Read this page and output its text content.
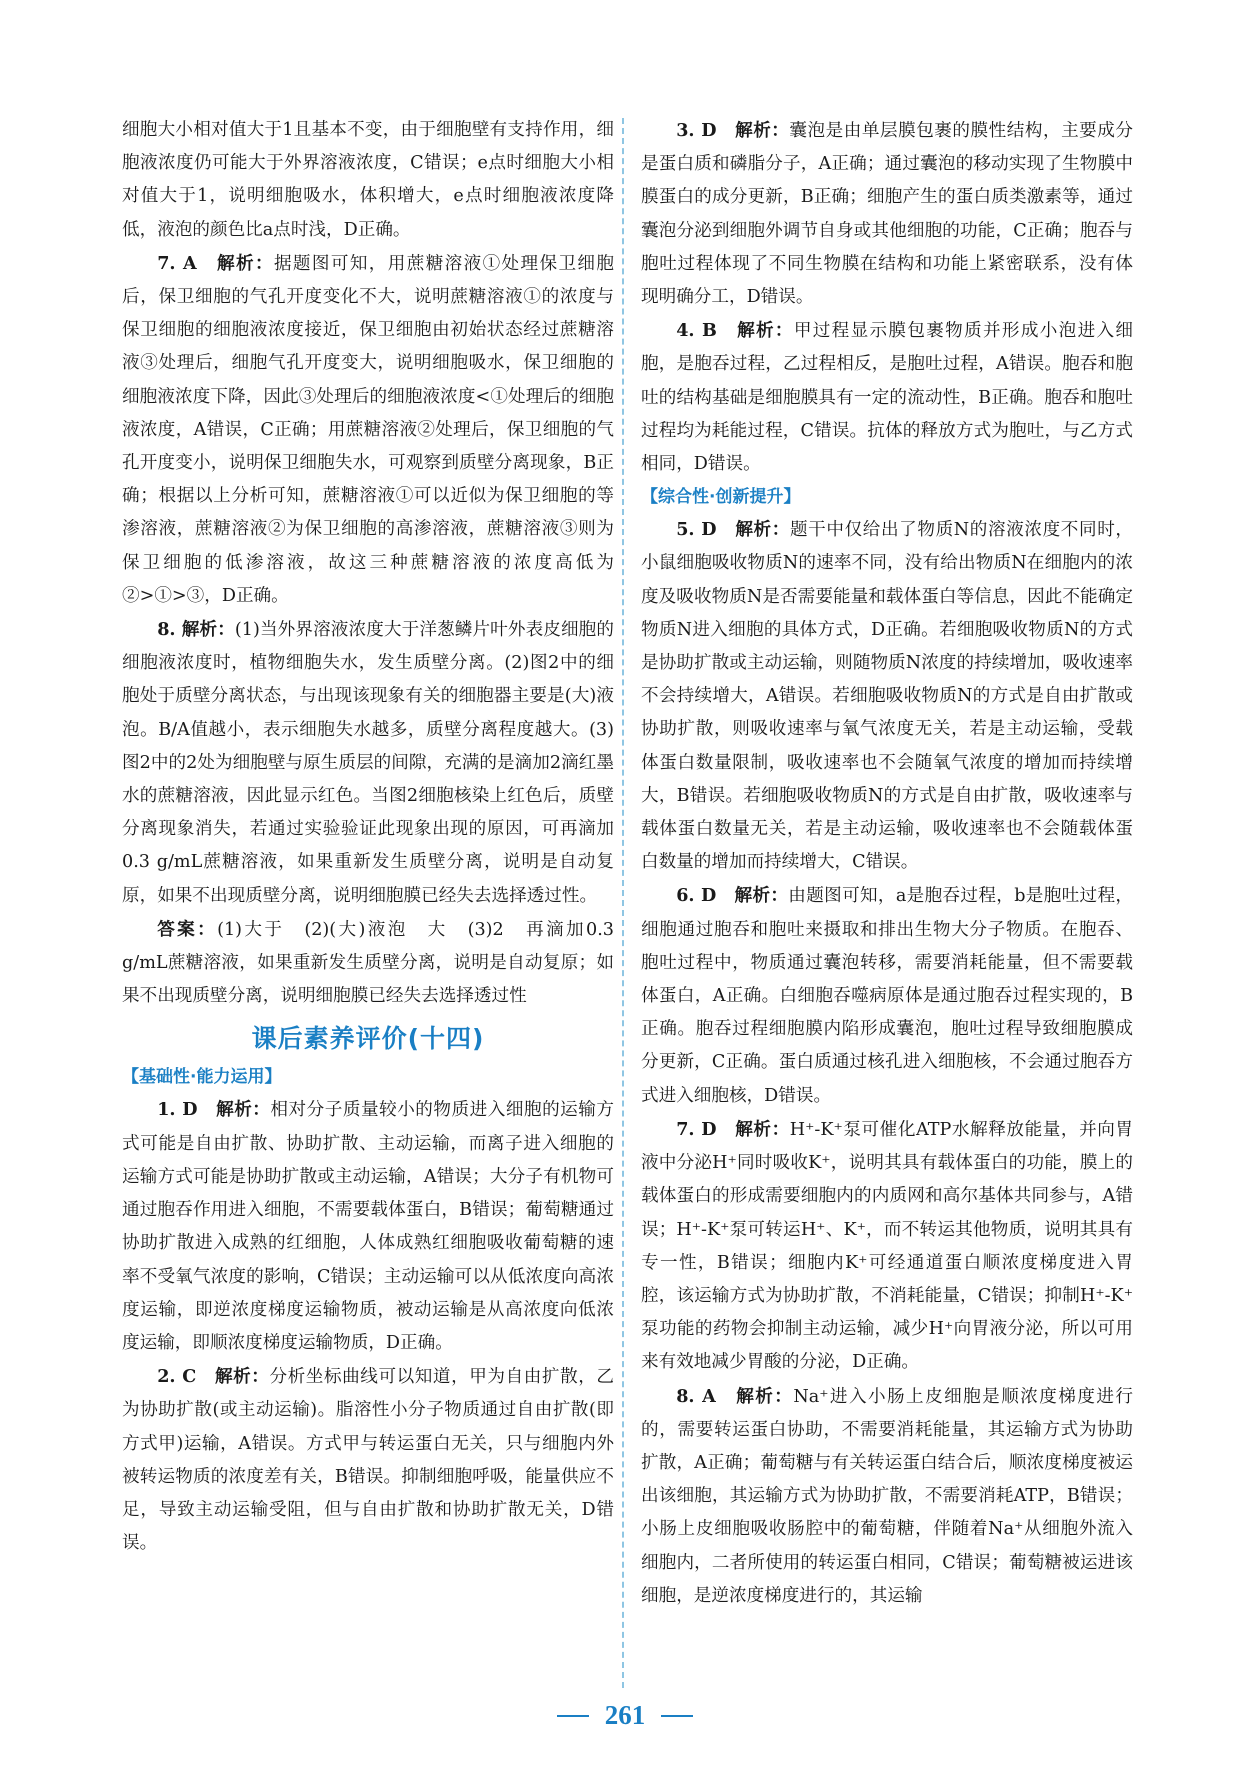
细胞大小相对值大于1且基本不变，由于细胞壁有支持作用，细胞液浓度仍可能大于外界溶液浓度，C错误；e点时细胞大小相对值大于1，说明细胞吸水，体积增大，e点时细胞液浓度降低，液泡的颜色比a点时浅，D正确。

7. A　解析：据题图可知，用蔗糖溶液①处理保卫细胞后，保卫细胞的气孔开度变化不大，说明蔗糖溶液①的浓度与保卫细胞的细胞液浓度接近，保卫细胞由初始状态经过蔗糖溶液③处理后，细胞气孔开度变大，说明细胞吸水，保卫细胞的细胞液浓度下降，因此③处理后的细胞液浓度<①处理后的细胞液浓度，A错误，C正确；用蔗糖溶液②处理后，保卫细胞的气孔开度变小，说明保卫细胞失水，可观察到质壁分离现象，B正确；根据以上分析可知，蔗糖溶液①可以近似为保卫细胞的等渗溶液，蔗糖溶液②为保卫细胞的高渗溶液，蔗糖溶液③则为保卫细胞的低渗溶液，故这三种蔗糖溶液的浓度高低为②>①>③，D正确。

8. 解析：(1)当外界溶液浓度大于洋葱鳞片叶外表皮细胞的细胞液浓度时，植物细胞失水，发生质壁分离。(2)图2中的细胞处于质壁分离状态，与出现该现象有关的细胞器主要是(大)液泡。B/A值越小，表示细胞失水越多，质壁分离程度越大。(3)图2中的2处为细胞壁与原生质层的间隙，充满的是滴加2滴红墨水的蔗糖溶液，因此显示红色。当图2细胞核染上红色后，质壁分离现象消失，若通过实验验证此现象出现的原因，可再滴加0.3 g/mL蔗糖溶液，如果重新发生质壁分离，说明是自动复原，如果不出现质壁分离，说明细胞膜已经失去选择透过性。

答案：(1)大于　(2)(大)液泡　大　(3)2　再滴加0.3 g/mL蔗糖溶液，如果重新发生质壁分离，说明是自动复原；如果不出现质壁分离，说明细胞膜已经失去选择透过性

课后素养评价(十四)
【基础性·能力运用】

1. D　解析：相对分子质量较小的物质进入细胞的运输方式可能是自由扩散、协助扩散、主动运输，而离子进入细胞的运输方式可能是协助扩散或主动运输，A错误；大分子有机物可通过胞吞作用进入细胞，不需要载体蛋白，B错误；葡萄糖通过协助扩散进入成熟的红细胞，人体成熟红细胞吸收葡萄糖的速率不受氧气浓度的影响，C错误；主动运输可以从低浓度向高浓度运输，即逆浓度梯度运输物质，被动运输是从高浓度向低浓度运输，即顺浓度梯度运输物质，D正确。

2. C　解析：分析坐标曲线可以知道，甲为自由扩散，乙为协助扩散(或主动运输)。脂溶性小分子物质通过自由扩散(即方式甲)运输，A错误。方式甲与转运蛋白无关，只与细胞内外被转运物质的浓度差有关，B错误。抑制细胞呼吸，能量供应不足，导致主动运输受阻，但与自由扩散和协助扩散无关，D错误。

3. D　解析：囊泡是由单层膜包裹的膜性结构，主要成分是蛋白质和磷脂分子，A正确；通过囊泡的移动实现了生物膜中膜蛋白的成分更新，B正确；细胞产生的蛋白质类激素等，通过囊泡分泌到细胞外调节自身或其他细胞的功能，C正确；胞吞与胞吐过程体现了不同生物膜在结构和功能上紧密联系，没有体现明确分工，D错误。

4. B　解析：甲过程显示膜包裹物质并形成小泡进入细胞，是胞吞过程，乙过程相反，是胞吐过程，A错误。胞吞和胞吐的结构基础是细胞膜具有一定的流动性，B正确。胞吞和胞吐过程均为耗能过程，C错误。抗体的释放方式为胞吐，与乙方式相同，D错误。

【综合性·创新提升】

5. D　解析：题干中仅给出了物质N的溶液浓度不同时，小鼠细胞吸收物质N的速率不同，没有给出物质N在细胞内的浓度及吸收物质N是否需要能量和载体蛋白等信息，因此不能确定物质N进入细胞的具体方式，D正确。若细胞吸收物质N的方式是协助扩散或主动运输，则随物质N浓度的持续增加，吸收速率不会持续增大，A错误。若细胞吸收物质N的方式是自由扩散或协助扩散，则吸收速率与氧气浓度无关，若是主动运输，受载体蛋白数量限制，吸收速率也不会随氧气浓度的增加而持续增大，B错误。若细胞吸收物质N的方式是自由扩散，吸收速率与载体蛋白数量无关，若是主动运输，吸收速率也不会随载体蛋白数量的增加而持续增大，C错误。

6. D　解析：由题图可知，a是胞吞过程，b是胞吐过程，细胞通过胞吞和胞吐来摄取和排出生物大分子物质。在胞吞、胞吐过程中，物质通过囊泡转移，需要消耗能量，但不需要载体蛋白，A正确。白细胞吞噬病原体是通过胞吞过程实现的，B正确。胞吞过程细胞膜内陷形成囊泡，胞吐过程导致细胞膜成分更新，C正确。蛋白质通过核孔进入细胞核，不会通过胞吞方式进入细胞核，D错误。

7. D　解析：H⁺-K⁺泵可催化ATP水解释放能量，并向胃液中分泌H⁺同时吸收K⁺，说明其具有载体蛋白的功能，膜上的载体蛋白的形成需要细胞内的内质网和高尔基体共同参与，A错误；H⁺-K⁺泵可转运H⁺、K⁺，而不转运其他物质，说明其具有专一性，B错误；细胞内K⁺可经通道蛋白顺浓度梯度进入胃腔，该运输方式为协助扩散，不消耗能量，C错误；抑制H⁺-K⁺泵功能的药物会抑制主动运输，减少H⁺向胃液分泌，所以可用来有效地减少胃酸的分泌，D正确。

8. A　解析：Na⁺进入小肠上皮细胞是顺浓度梯度进行的，需要转运蛋白协助，不需要消耗能量，其运输方式为协助扩散，A正确；葡萄糖与有关转运蛋白结合后，顺浓度梯度被运出该细胞，其运输方式为协助扩散，不需要消耗ATP，B错误；小肠上皮细胞吸收肠腔中的葡萄糖，伴随着Na⁺从细胞外流入细胞内，二者所使用的转运蛋白相同，C错误；葡萄糖被运进该细胞，是逆浓度梯度进行的，其运输

261
